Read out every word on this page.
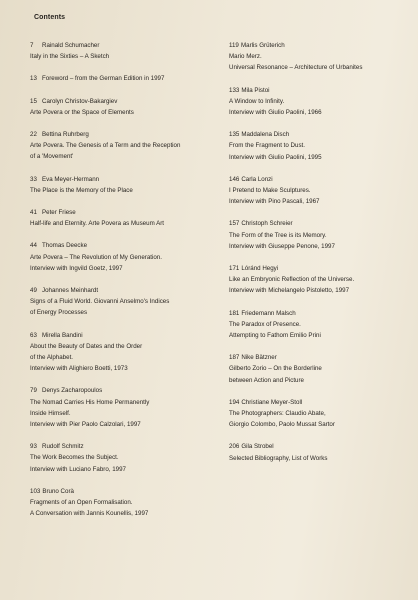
Contents
7 Rainald Schumacher
Italy in the Sixties – A Sketch
13 Foreword – from the German Edition in 1997
15 Carolyn Christov-Bakargiev
Arte Povera or the Space of Elements
22 Bettina Ruhrberg
Arte Povera. The Genesis of a Term and the Reception
of a 'Movement'
33 Eva Meyer-Hermann
The Place is the Memory of the Place
41 Peter Friese
Half-life and Eternity. Arte Povera as Museum Art
44 Thomas Deecke
Arte Povera – The Revolution of My Generation.
Interview with Ingvild Goetz, 1997
49 Johannes Meinhardt
Signs of a Fluid World. Giovanni Anselmo's Indices
of Energy Processes
63 Mirella Bandini
About the Beauty of Dates and the Order
of the Alphabet.
Interview with Alighiero Boetti, 1973
79 Denys Zacharopoulos
The Nomad Carries His Home Permanently
Inside Himself.
Interview with Pier Paolo Calzolari, 1997
93 Rudolf Schmitz
The Work Becomes the Subject.
Interview with Luciano Fabro, 1997
103 Bruno Corà
Fragments of an Open Formalisation.
A Conversation with Jannis Kounellis, 1997
119 Marlis Grüterich
Mario Merz.
Universal Resonance – Architecture of Urbanites
133 Mila Pistoi
A Window to Infinity.
Interview with Giulio Paolini, 1966
135 Maddalena Disch
From the Fragment to Dust.
Interview with Giulio Paolini, 1995
146 Carla Lonzi
I Pretend to Make Sculptures.
Interview with Pino Pascali, 1967
157 Christoph Schreier
The Form of the Tree is its Memory.
Interview with Giuseppe Penone, 1997
171 Lóránd Hegyi
Like an Embryonic Reflection of the Universe.
Interview with Michelangelo Pistoletto, 1997
181 Friedemann Malsch
The Paradox of Presence.
Attempting to Fathom Emilio Prini
187 Nike Bätzner
Gilberto Zorio – On the Borderline
between Action and Picture
194 Christiane Meyer-Stoll
The Photographers: Claudio Abate,
Giorgio Colombo, Paolo Mussat Sartor
206 Gila Strobel
Selected Bibliography, List of Works
